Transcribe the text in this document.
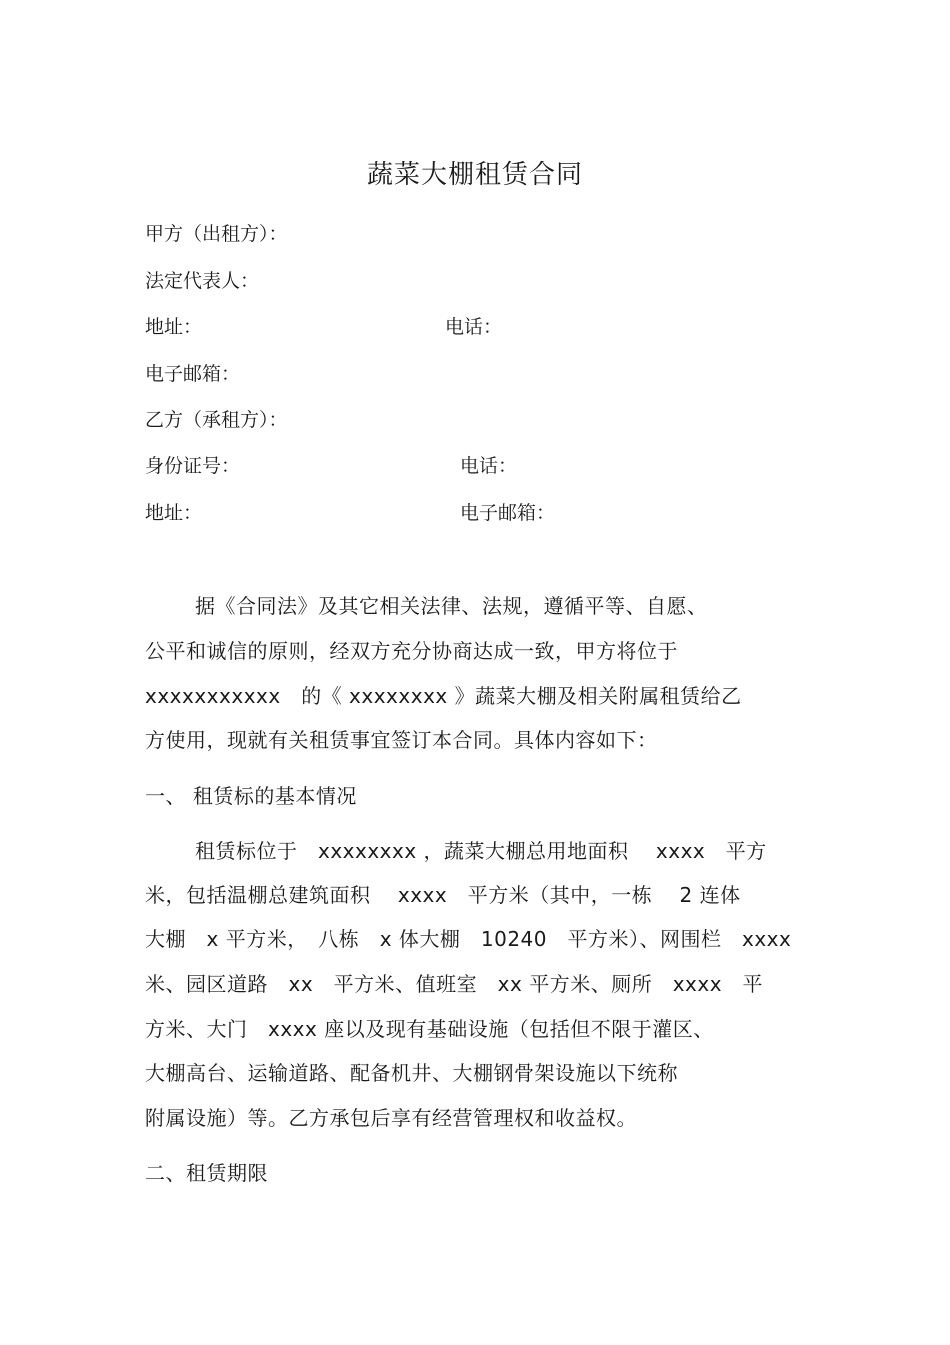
蔬菜大棚租赁合同
甲方（出租方）：
法定代表人：
地址：	电话：
电子邮箱：
乙方（承租方）：
身份证号：	电话：
地址：	电子邮箱：
据《合同法》及其它相关法律、法规，遵循平等、自愿、
公平和诚信的原则，经双方充分协商达成一致，甲方将位于
xxxxxxxxxxx　的《 xxxxxxxx 》蔬菜大棚及相关附属租赁给乙
方使用，现就有关租赁事宜签订本合同。具体内容如下：
一、 租赁标的基本情况
租赁标位于　xxxxxxxx ，蔬菜大棚总用地面积　 xxxx　平方
米，包括温棚总建筑面积　 xxxx　平方米（其中，一栋　 2 连体
大棚　x 平方米，　八栋　x 体大棚　10240　平方米）、网围栏　xxxx
米、园区道路　xx　平方米、值班室　xx 平方米、厕所　xxxx　平
方米、大门　xxxx 座以及现有基础设施（包括但不限于灌区、
大棚高台、运输道路、配备机井、大棚钢骨架设施以下统称
附属设施）等。乙方承包后享有经营管理权和收益权。
二、租赁期限
